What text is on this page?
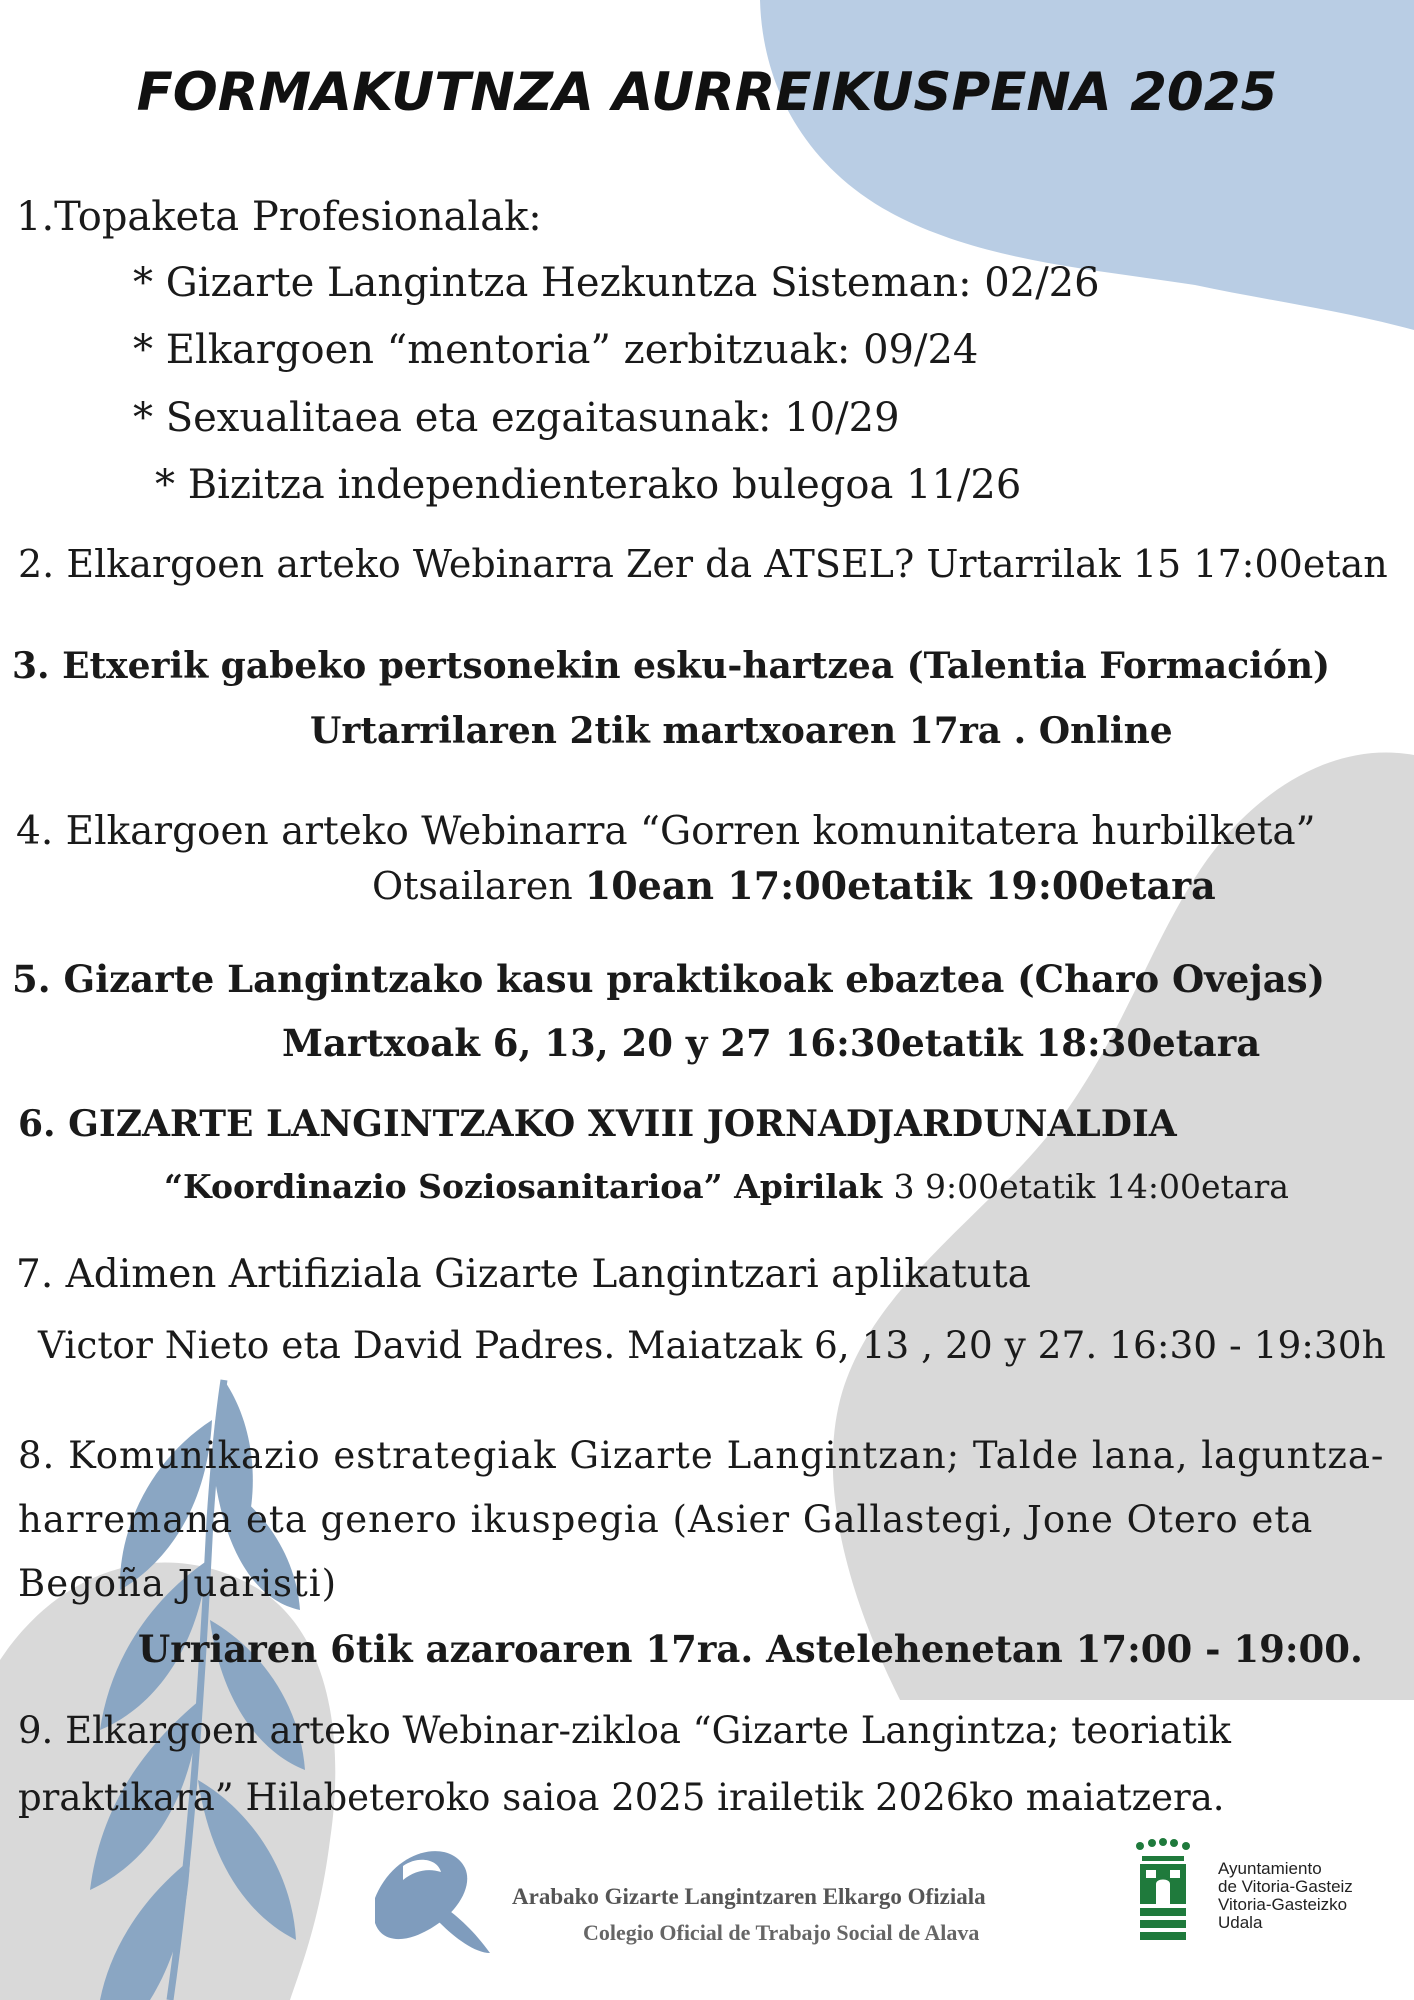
FORMAKUTNZA AURREIKUSPENA 2025
1.Topaketa Profesionalak:
* Gizarte Langintza Hezkuntza Sisteman: 02/26
* Elkargoen “mentoria” zerbitzuak: 09/24
* Sexualitaea eta ezgaitasunak: 10/29
* Bizitza independienterako bulegoa 11/26
2. Elkargoen arteko Webinarra Zer da ATSEL? Urtarrilak 15 17:00etan
3. Etxerik gabeko pertsonekin esku-hartzea (Talentia Formación)
Urtarrilaren 2tik martxoaren 17ra . Online
4. Elkargoen arteko Webinarra “Gorren komunitatera hurbilketa”
Otsailaren 10ean 17:00etatik 19:00etara
5. Gizarte Langintzako kasu praktikoak ebaztea (Charo Ovejas)
Martxoak 6, 13, 20 y 27 16:30etatik 18:30etara
6. GIZARTE LANGINTZAKO XVIII JORNADJARDUNALDIA
“Koordinazio Soziosanitarioa” Apirilak 3 9:00etatik 14:00etara
7. Adimen Artifiziala Gizarte Langintzari aplikatuta
Victor Nieto eta David Padres. Maiatzak 6, 13 , 20 y 27. 16:30 - 19:30h
8. Komunikazio estrategiak Gizarte Langintzan; Talde lana, laguntza-
harremana eta genero ikuspegia (Asier Gallastegi, Jone Otero eta
Begoña Juaristi)
Urriaren 6tik azaroaren 17ra. Astelehenetan 17:00 - 19:00.
9. Elkargoen arteko Webinar-zikloa “Gizarte Langintza; teoriatik
praktikara” Hilabeteroko saioa 2025 irailetik 2026ko maiatzera.
Arabako Gizarte Langintzaren Elkargo Ofiziala
Colegio Oficial de Trabajo Social de Alava
Ayuntamiento
de Vitoria-Gasteiz
Vitoria-Gasteizko
Udala
